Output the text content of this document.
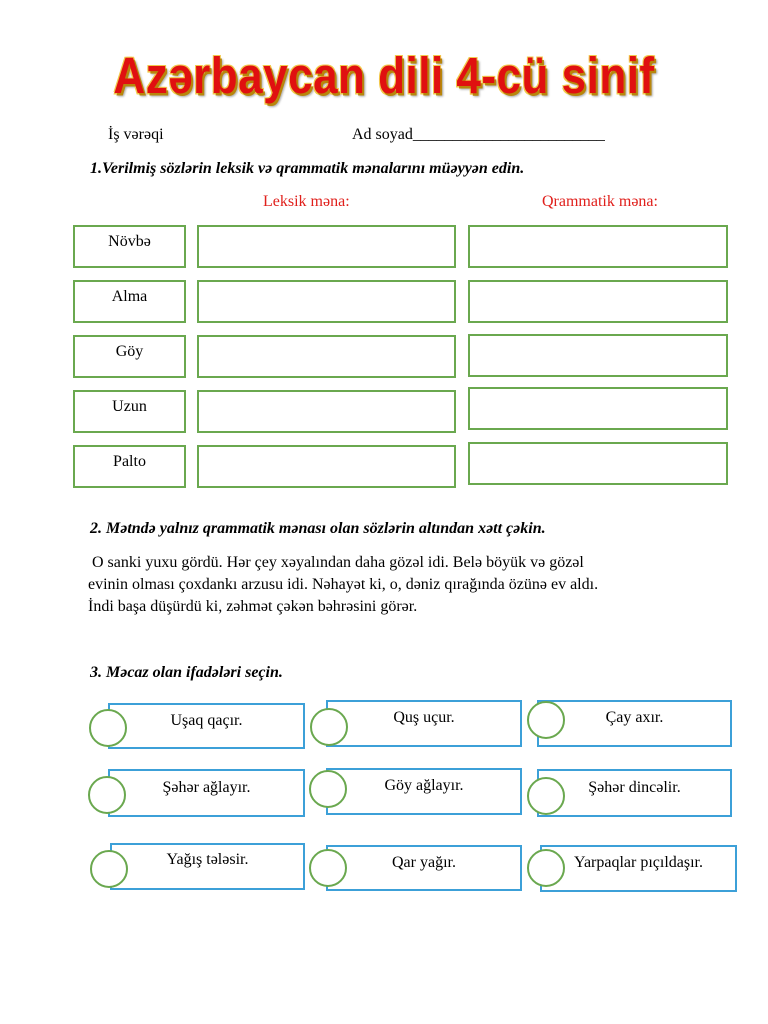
Azərbaycan dili 4-cü sinif
İş vərəqi	Ad soyad________________________
1.Verilmiş sözlərin leksik və qrammatik mənalarını müəyyən edin.
Leksik məna:	Qrammatik məna:
Növbə
Alma
Göy
Uzun
Palto
2. Mətndə yalnız qrammatik mənası olan sözlərin altından xətt çəkin.
O sanki yuxu gördü. Hər çey xəyalından daha gözəl idi. Belə böyük və gözəl
evinin olması çoxdankı arzusu idi. Nəhayət ki, o, dəniz qırağında özünə ev aldı.
İndi başa düşürdü ki, zəhmət çəkən bəhrəsini görər.
3. Məcaz olan ifadələri seçin.
Uşaq qaçır.	Quş uçur.	Çay axır.
Şəhər ağlayır.	Göy ağlayır.	Şəhər dincəlir.
Yağış tələsir.	Qar yağır.	Yarpaqlar pıçıldaşır.
